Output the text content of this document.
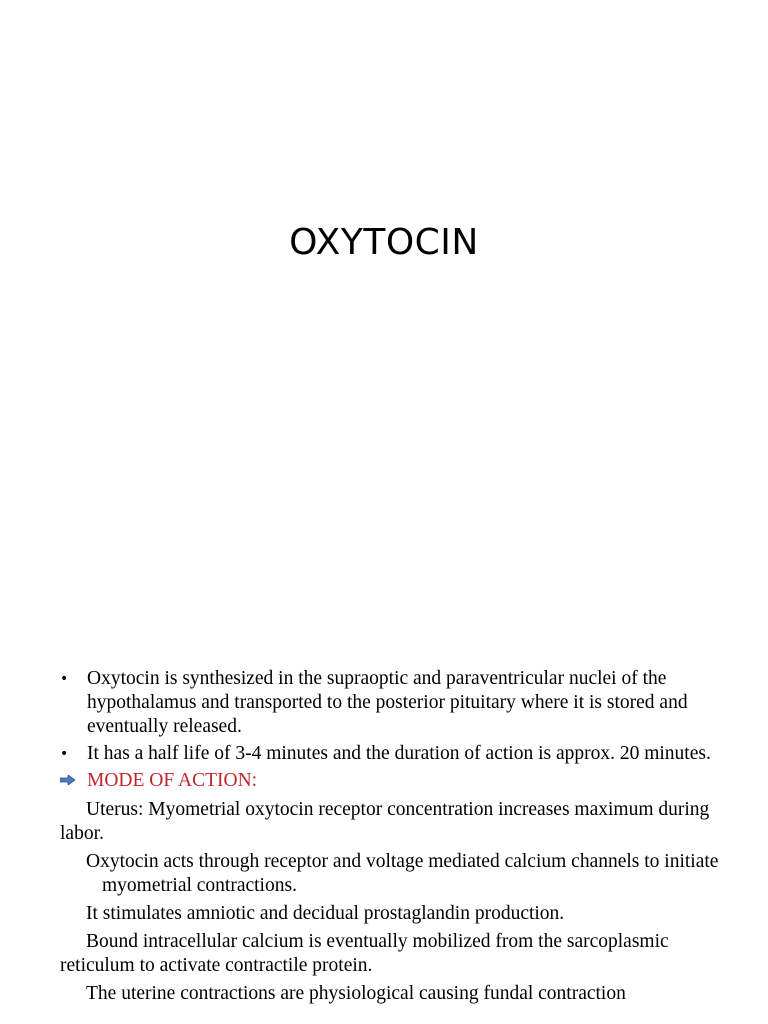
OXYTOCIN
• Oxytocin is synthesized in the supraoptic and paraventricular nuclei of the hypothalamus and transported to the posterior pituitary where it is stored and eventually released.
• It has a half life of 3-4 minutes and the duration of action is approx. 20 minutes.
MODE OF ACTION:
Uterus: Myometrial oxytocin receptor concentration increases maximum during labor.
Oxytocin acts through receptor and voltage mediated calcium channels to initiatemyometrial contractions.
It stimulates amniotic and decidual prostaglandin production.
Bound intracellular calcium is eventually mobilized from the sarcoplasmic reticulum to activate contractile protein.
The uterine contractions are physiological causing fundal contraction
